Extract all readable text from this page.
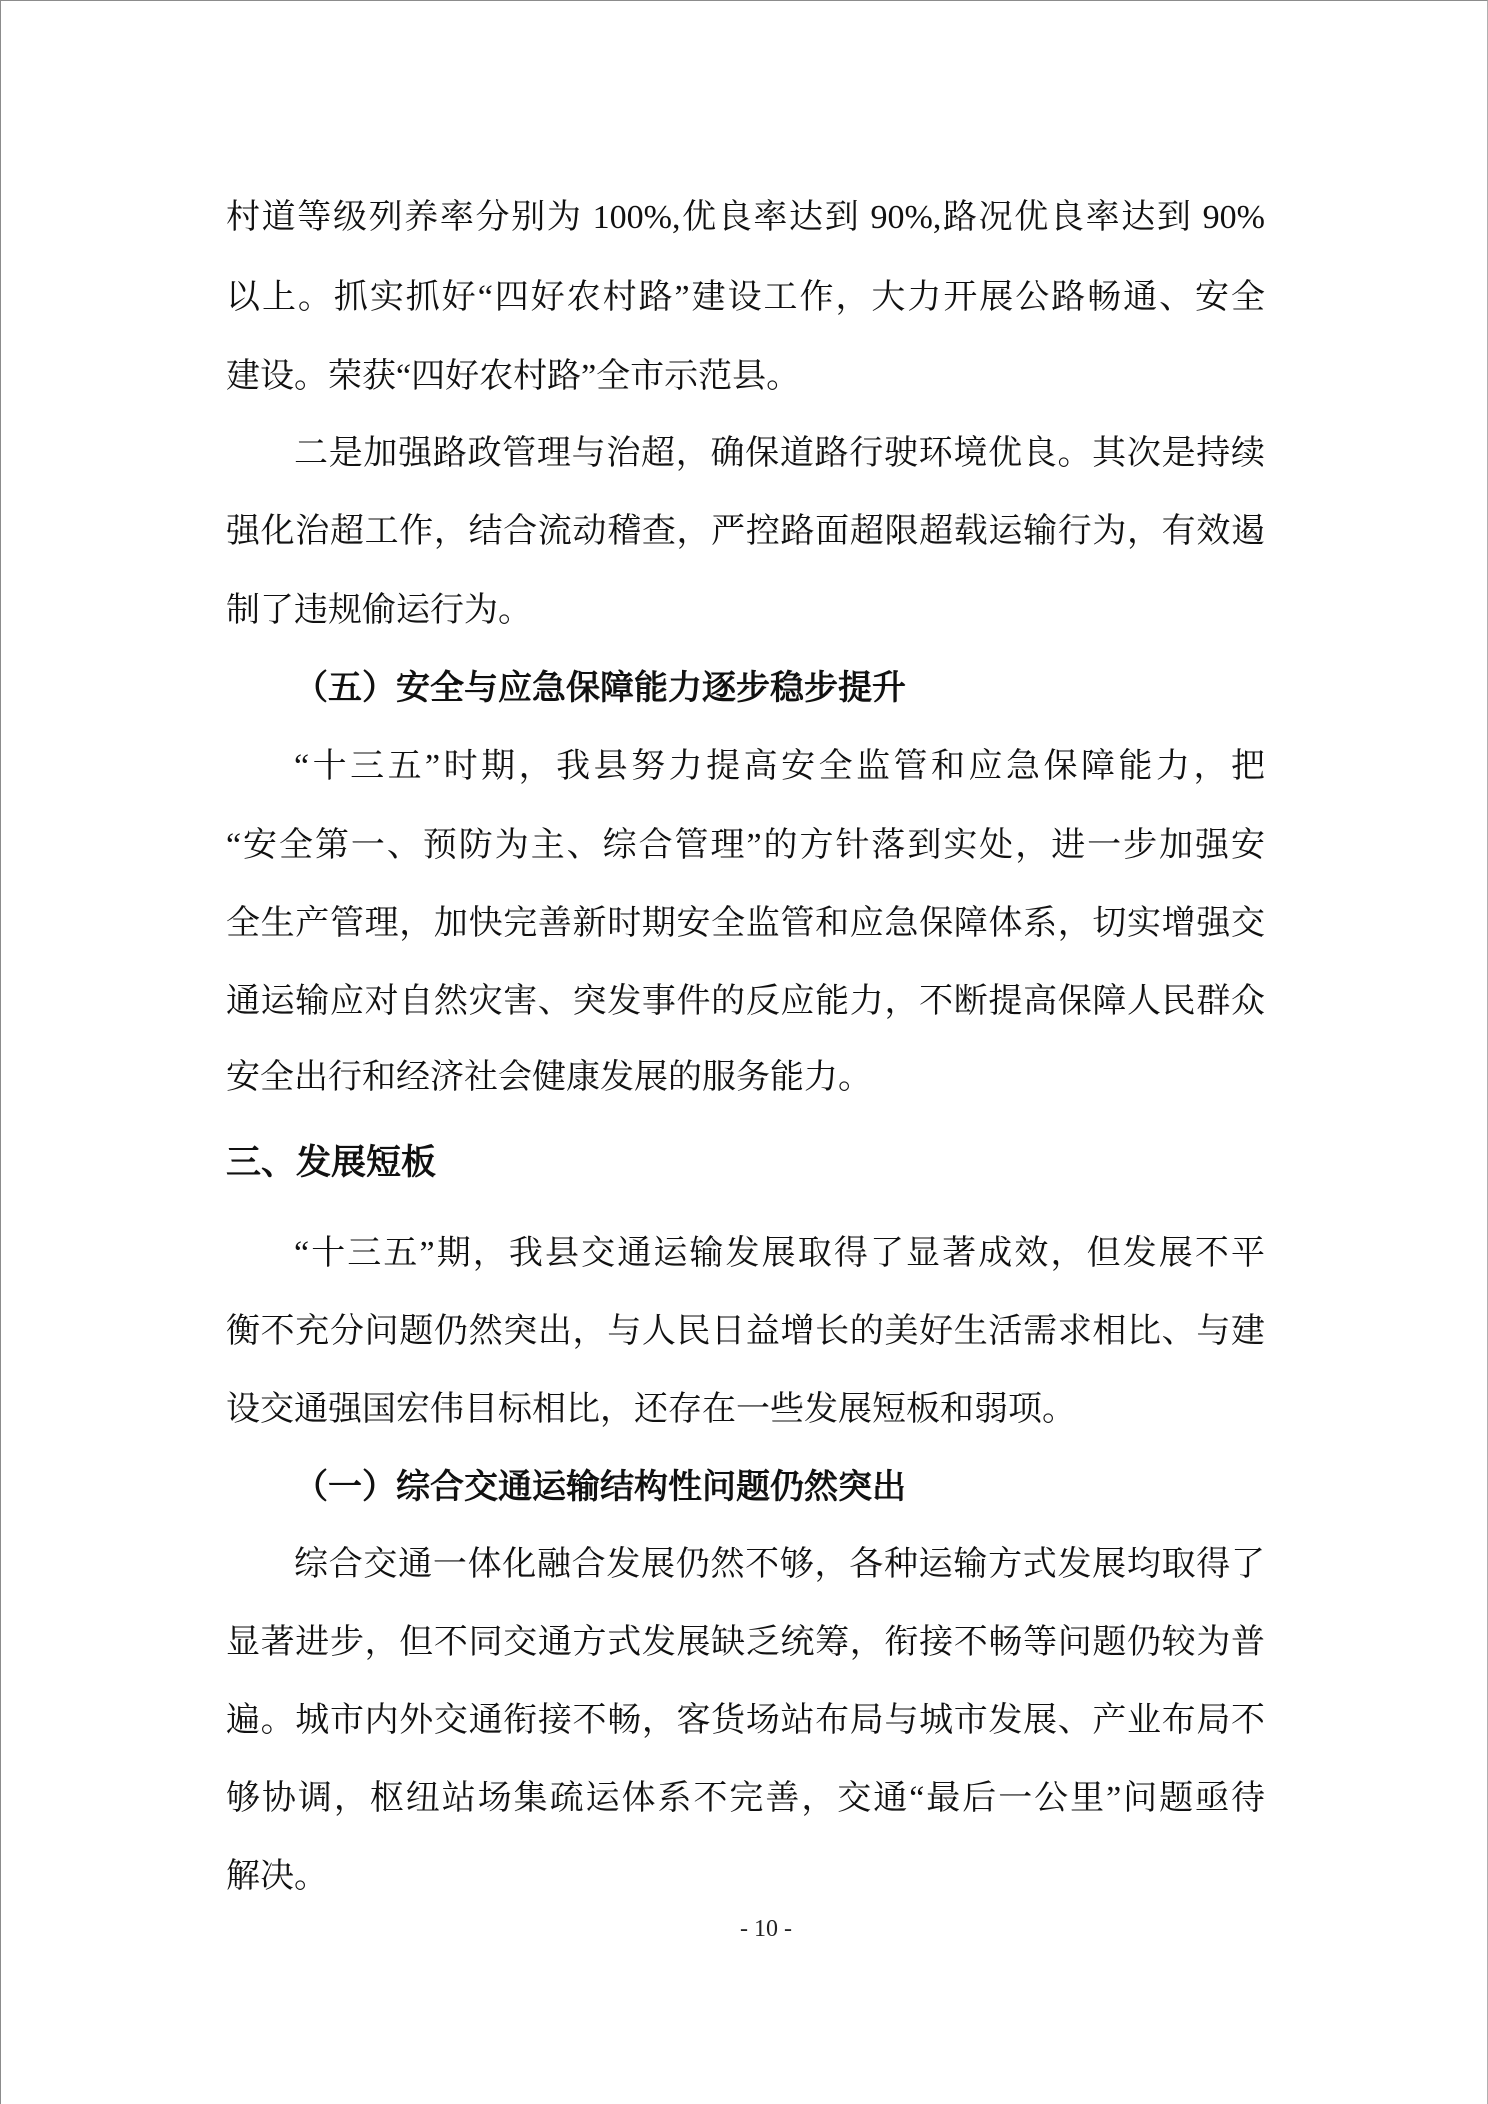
村道等级列养率分别为 100%,优良率达到 90%,路况优良率达到 90%
以上。抓实抓好“四好农村路”建设工作，大力开展公路畅通、安全
建设。荣获“四好农村路”全市示范县。
二是加强路政管理与治超，确保道路行驶环境优良。其次是持续
强化治超工作，结合流动稽查，严控路面超限超载运输行为，有效遏
制了违规偷运行为。
（五）安全与应急保障能力逐步稳步提升
“十三五”时期，我县努力提高安全监管和应急保障能力，把
“安全第一、预防为主、综合管理”的方针落到实处，进一步加强安
全生产管理，加快完善新时期安全监管和应急保障体系，切实增强交
通运输应对自然灾害、突发事件的反应能力，不断提高保障人民群众
安全出行和经济社会健康发展的服务能力。
三、发展短板
“十三五”期，我县交通运输发展取得了显著成效，但发展不平
衡不充分问题仍然突出，与人民日益增长的美好生活需求相比、与建
设交通强国宏伟目标相比，还存在一些发展短板和弱项。
（一）综合交通运输结构性问题仍然突出
综合交通一体化融合发展仍然不够，各种运输方式发展均取得了
显著进步，但不同交通方式发展缺乏统筹，衔接不畅等问题仍较为普
遍。城市内外交通衔接不畅，客货场站布局与城市发展、产业布局不
够协调，枢纽站场集疏运体系不完善，交通“最后一公里”问题亟待
解决。
- 10 -
